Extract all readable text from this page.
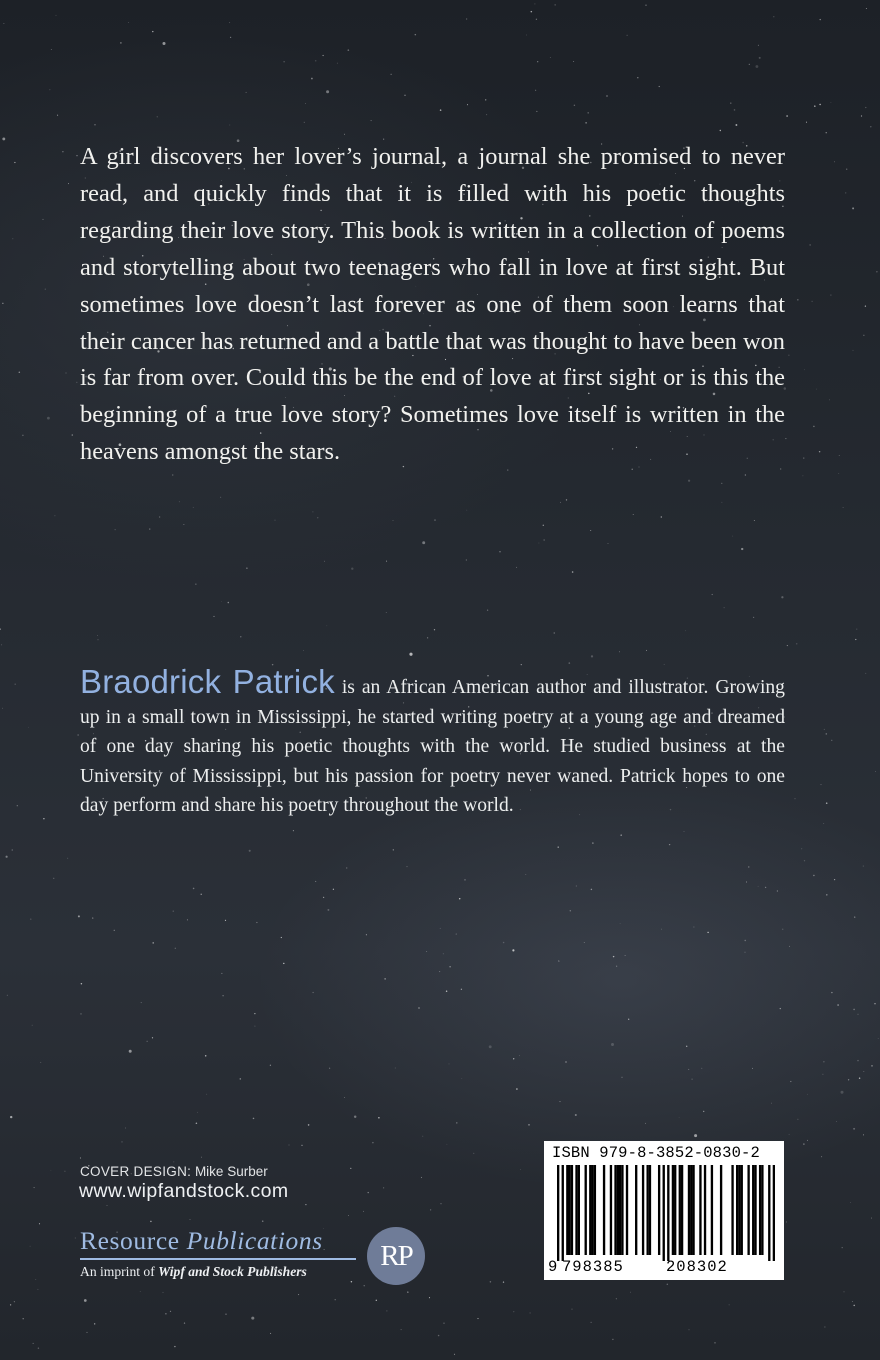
A girl discovers her lover’s journal, a journal she promised to never read, and quickly finds that it is filled with his poetic thoughts regarding their love story. This book is written in a collection of poems and storytelling about two teenagers who fall in love at first sight. But sometimes love doesn’t last forever as one of them soon learns that their cancer has returned and a battle that was thought to have been won is far from over. Could this be the end of love at first sight or is this the beginning of a true love story? Sometimes love itself is written in the heavens amongst the stars.

Braodrick Patrick is an African American author and illustrator. Growing up in a small town in Mississippi, he started writing poetry at a young age and dreamed of one day sharing his poetic thoughts with the world. He studied business at the University of Mississippi, but his passion for poetry never waned. Patrick hopes to one day perform and share his poetry throughout the world.

COVER DESIGN: Mike Surber
www.wipfandstock.com
Resource Publications
An imprint of Wipf and Stock Publishers	RP
ISBN 979-8-3852-0830-2
9 798385	208302
